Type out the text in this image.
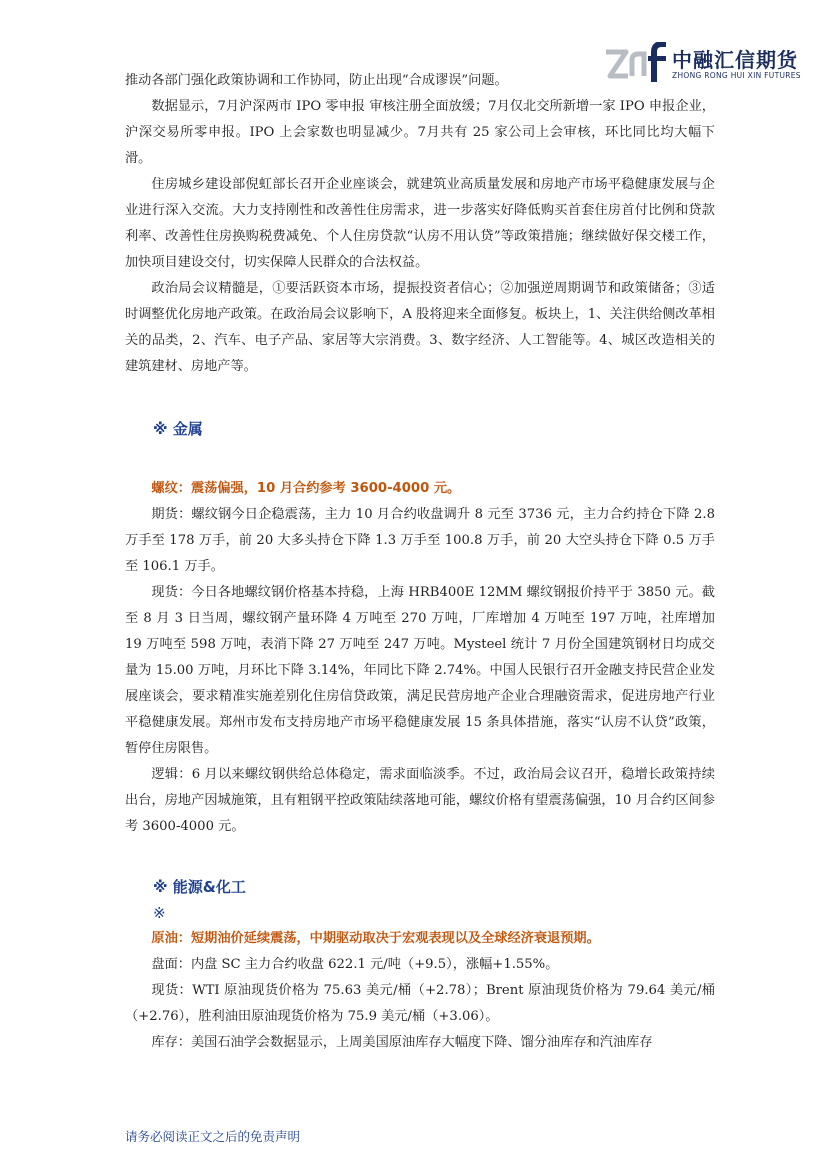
中融汇信期货
ZHONG RONG HUI XIN FUTURES

推动各部门强化政策协调和工作协同，防止出现“合成谬误”问题。

数据显示，7月沪深两市 IPO 零申报 审核注册全面放缓；7月仅北交所新增一家 IPO 申报企业，沪深交易所零申报。IPO 上会家数也明显减少。7月共有 25 家公司上会审核，环比同比均大幅下滑。

住房城乡建设部倪虹部长召开企业座谈会，就建筑业高质量发展和房地产市场平稳健康发展与企业进行深入交流。大力支持刚性和改善性住房需求，进一步落实好降低购买首套住房首付比例和贷款利率、改善性住房换购税费减免、个人住房贷款“认房不用认贷”等政策措施；继续做好保交楼工作，加快项目建设交付，切实保障人民群众的合法权益。

政治局会议精髓是，①要活跃资本市场，提振投资者信心；②加强逆周期调节和政策储备；③适时调整优化房地产政策。在政治局会议影响下，A 股将迎来全面修复。板块上，1、关注供给侧改革相关的品类，2、汽车、电子产品、家居等大宗消费。3、数字经济、人工智能等。4、城区改造相关的建筑建材、房地产等。

※ 金属
螺纹：震荡偏强，10 月合约参考 3600-4000 元。

期货：螺纹钢今日企稳震荡，主力 10 月合约收盘调升 8 元至 3736 元，主力合约持仓下降 2.8 万手至 178 万手，前 20 大多头持仓下降 1.3 万手至 100.8 万手，前 20 大空头持仓下降 0.5 万手至 106.1 万手。

现货：今日各地螺纹钢价格基本持稳，上海 HRB400E 12MM 螺纹钢报价持平于 3850 元。截至 8 月 3 日当周，螺纹钢产量环降 4 万吨至 270 万吨，厂库增加 4 万吨至 197 万吨，社库增加 19 万吨至 598 万吨，表消下降 27 万吨至 247 万吨。Mysteel 统计 7 月份全国建筑钢材日均成交量为 15.00 万吨，月环比下降 3.14%，年同比下降 2.74%。中国人民银行召开金融支持民营企业发展座谈会，要求精准实施差别化住房信贷政策，满足民营房地产企业合理融资需求，促进房地产行业平稳健康发展。郑州市发布支持房地产市场平稳健康发展 15 条具体措施，落实“认房不认贷”政策，暂停住房限售。

逻辑：6 月以来螺纹钢供给总体稳定，需求面临淡季。不过，政治局会议召开，稳增长政策持续出台，房地产因城施策，且有粗钢平控政策陆续落地可能，螺纹价格有望震荡偏强，10 月合约区间参考 3600-4000 元。

※ 能源&化工

※

原油：短期油价延续震荡，中期驱动取决于宏观表现以及全球经济衰退预期。

盘面：内盘 SC 主力合约收盘 622.1 元/吨（+9.5），涨幅+1.55%。

现货：WTI 原油现货价格为 75.63 美元/桶（+2.78）；Brent 原油现货价格为 79.64 美元/桶（+2.76），胜利油田原油现货价格为 75.9 美元/桶（+3.06）。

库存：美国石油学会数据显示，上周美国原油库存大幅度下降、馏分油库存和汽油库存

请务必阅读正文之后的免责声明
